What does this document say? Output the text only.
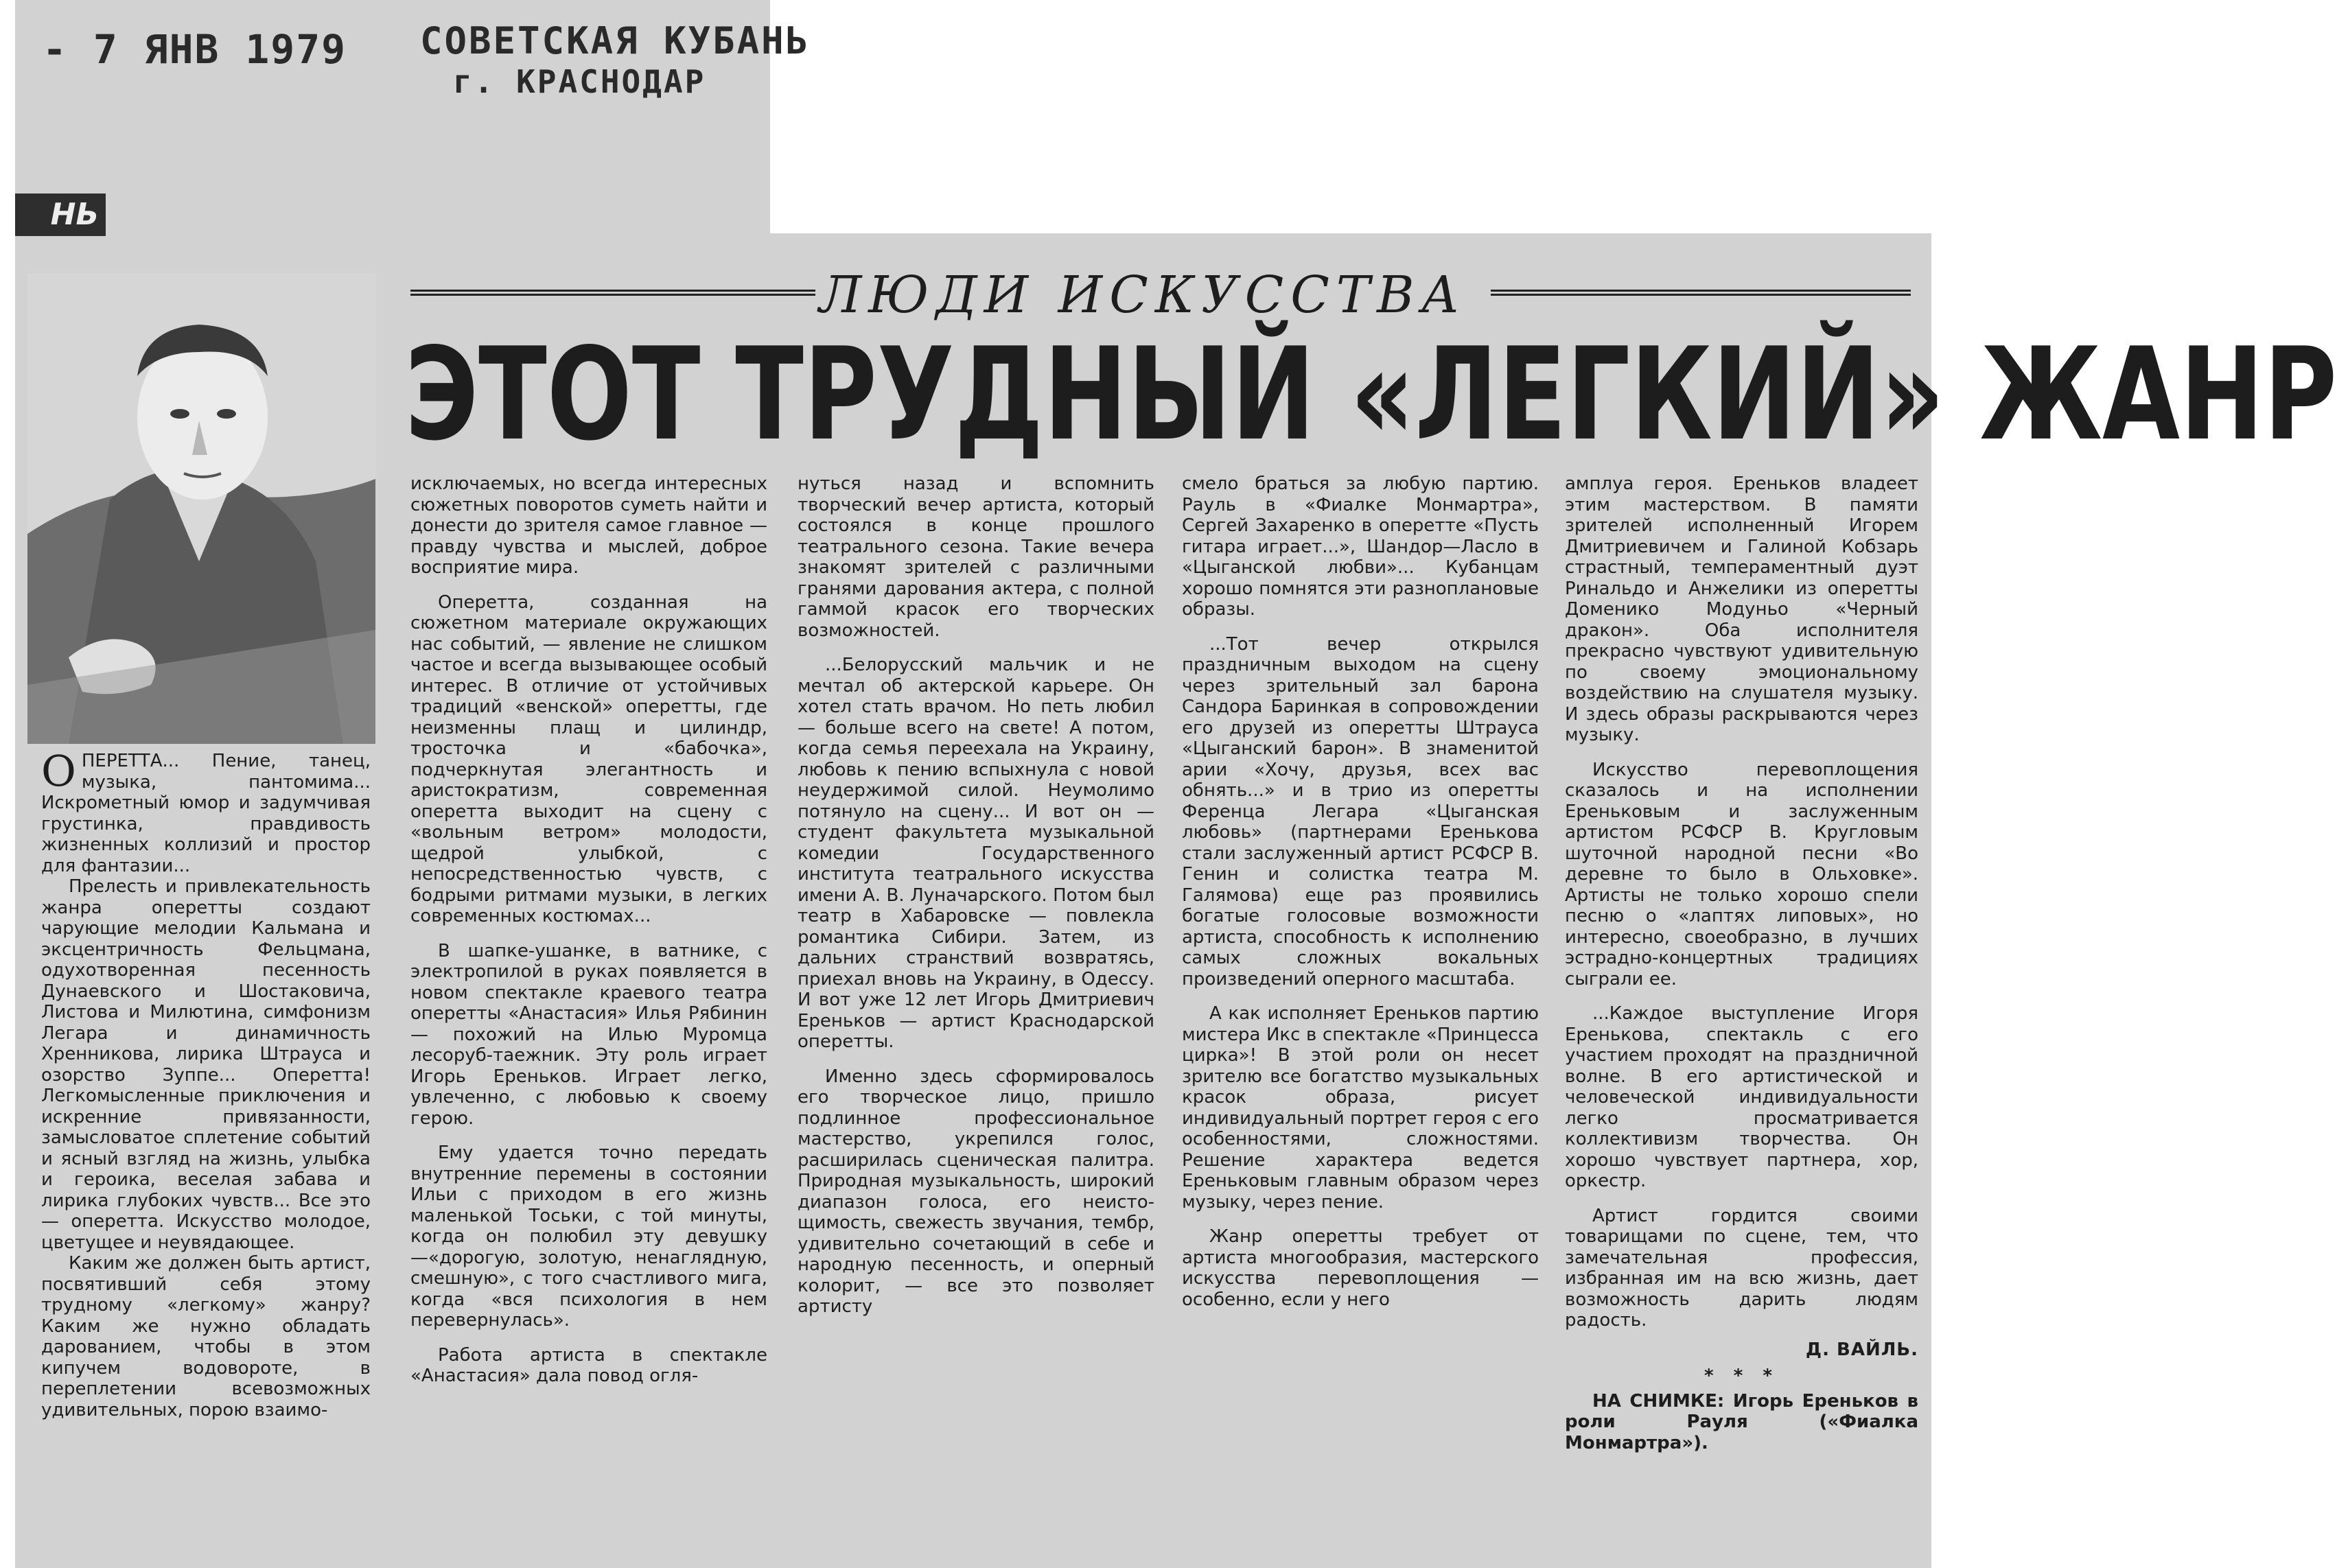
- 7 ЯНВ 1979 СОВЕТСКАЯ КУБАНЬ
г. КРАСНОДАР
НЬ
ЛЮДИ ИСКУССТВА
ЭТОТ ТРУДНЫЙ «ЛЕГКИЙ» ЖАНР

ОПЕРЕТТА... Пение, танец, музыка, пантомима... Искрометный юмор и задумчивая грустинка, правдивость жизненных коллизий и простор для фантазии...

Прелесть и привлекательность жанра оперетты создают чарующие мелодии Кальмана и эксцентричность Фельцмана, одухотворенная песенность Дунаевского и Шостаковича, Листова и Милютина, симфонизм Легара и динамичность Хренникова, лирика Штрауса и озорство Зуппе... Оперетта! Легкомысленные приключения и искренние привязанности, замысловатое сплетение событий и ясный взгляд на жизнь, улыбка и героика, веселая забава и лирика глубоких чувств... Все это — оперетта. Искусство молодое, цветущее и неувядающее.

Каким же должен быть артист, посвятивший себя этому трудному «легкому» жанру? Каким же нужно обладать дарованием, чтобы в этом кипучем водовороте, в переплетении всевозможных удивительных, порою взаимо-

исключаемых, но всегда интересных сюжетных поворотов суметь найти и донести до зрителя самое главное — правду чувства и мыслей, доброе восприятие мира.

Оперетта, созданная на сюжетном материале окружающих нас событий, — явление не слишком частое и всегда вызывающее особый интерес. В отличие от устойчивых традиций «венской» оперетты, где неизменны плащ и цилиндр, тросточка и «бабочка», подчеркнутая элегантность и аристократизм, современная оперетта выходит на сцену с «вольным ветром» молодости, щедрой улыбкой, с непосредственностью чувств, с бодрыми ритмами музыки, в легких современных костюмах...

В шапке-ушанке, в ватнике, с электропилой в руках появляется в новом спектакле краевого театра оперетты «Анастасия» Илья Рябинин — похожий на Илью Муромца лесоруб-таежник. Эту роль играет Игорь Ереньков. Играет легко, увлеченно, с любовью к своему герою.

Ему удается точно передать внутренние перемены в состоянии Ильи с приходом в его жизнь маленькой Тоськи, с той минуты, когда он полюбил эту девушку—«дорогую, золотую, ненаглядную, смешную», с того счастливого мига, когда «вся психология в нем перевернулась».

Работа артиста в спектакле «Анастасия» дала повод огля-

нуться назад и вспомнить творческий вечер артиста, который состоялся в конце прошлого театрального сезона. Такие вечера знакомят зрителей с различными гранями дарования актера, с полной гаммой красок его творческих возможностей.

...Белорусский мальчик и не мечтал об актерской карьере. Он хотел стать врачом. Но петь любил — больше всего на свете! А потом, когда семья переехала на Украину, любовь к пению вспыхнула с новой неудержимой силой. Неумолимо потянуло на сцену... И вот он — студент факультета музыкальной комедии Государственного института театрального искусства имени А. В. Луначарского. Потом был театр в Хабаровске — повлекла романтика Сибири. Затем, из дальних странствий возвратясь, приехал вновь на Украину, в Одессу. И вот уже 12 лет Игорь Дмитриевич Ереньков — артист Краснодарской оперетты.

Именно здесь сформировалось его творческое лицо, пришло подлинное профессиональное мастерство, укрепился голос, расширилась сценическая палитра. Природная музыкальность, широкий диапазон голоса, его неисто-щимость, свежесть звучания, тембр, удивительно сочетающий в себе и народную песенность, и оперный колорит, — все это позволяет артисту

смело браться за любую партию. Рауль в «Фиалке Монмартра», Сергей Захаренко в оперетте «Пусть гитара играет...», Шандор—Ласло в «Цыганской любви»... Кубанцам хорошо помнятся эти разноплановые образы.

...Тот вечер открылся праздничным выходом на сцену через зрительный зал барона Сандора Баринкая в сопровождении его друзей из оперетты Штрауса «Цыганский барон». В знаменитой арии «Хочу, друзья, всех вас обнять...» и в трио из оперетты Ференца Легара «Цыганская любовь» (партнерами Еренькова стали заслуженный артист РСФСР В. Генин и солистка театра М. Галямова) еще раз проявились богатые голосовые возможности артиста, способность к исполнению самых сложных вокальных произведений оперного масштаба.

А как исполняет Ереньков партию мистера Икс в спектакле «Принцесса цирка»! В этой роли он несет зрителю все богатство музыкальных красок образа, рисует индивидуальный портрет героя с его особенностями, сложностями. Решение характера ведется Ереньковым главным образом через музыку, через пение.

Жанр оперетты требует от артиста многообразия, мастерского искусства перевоплощения — особенно, если у него

амплуа героя. Ереньков владеет этим мастерством. В памяти зрителей исполненный Игорем Дмитриевичем и Галиной Кобзарь страстный, темпераментный дуэт Ринальдо и Анжелики из оперетты Доменико Модуньо «Черный дракон». Оба исполнителя прекрасно чувствуют удивительную по своему эмоциональному воздействию на слушателя музыку. И здесь образы раскрываются через музыку.

Искусство перевоплощения сказалось и на исполнении Ереньковым и заслуженным артистом РСФСР В. Кругловым шуточной народной песни «Во деревне то было в Ольховке». Артисты не только хорошо спели песню о «лаптях липовых», но интересно, своеобразно, в лучших эстрадно-концертных традициях сыграли ее.

...Каждое выступление Игоря Еренькова, спектакль с его участием проходят на праздничной волне. В его артистической и человеческой индивидуальности легко просматривается коллективизм творчества. Он хорошо чувствует партнера, хор, оркестр.

Артист гордится своими товарищами по сцене, тем, что замечательная профессия, избранная им на всю жизнь, дает возможность дарить людям радость.

Д. ВАЙЛЬ.
* * *
НА СНИМКЕ: Игорь Ереньков в роли Рауля («Фиалка Монмартра»).
